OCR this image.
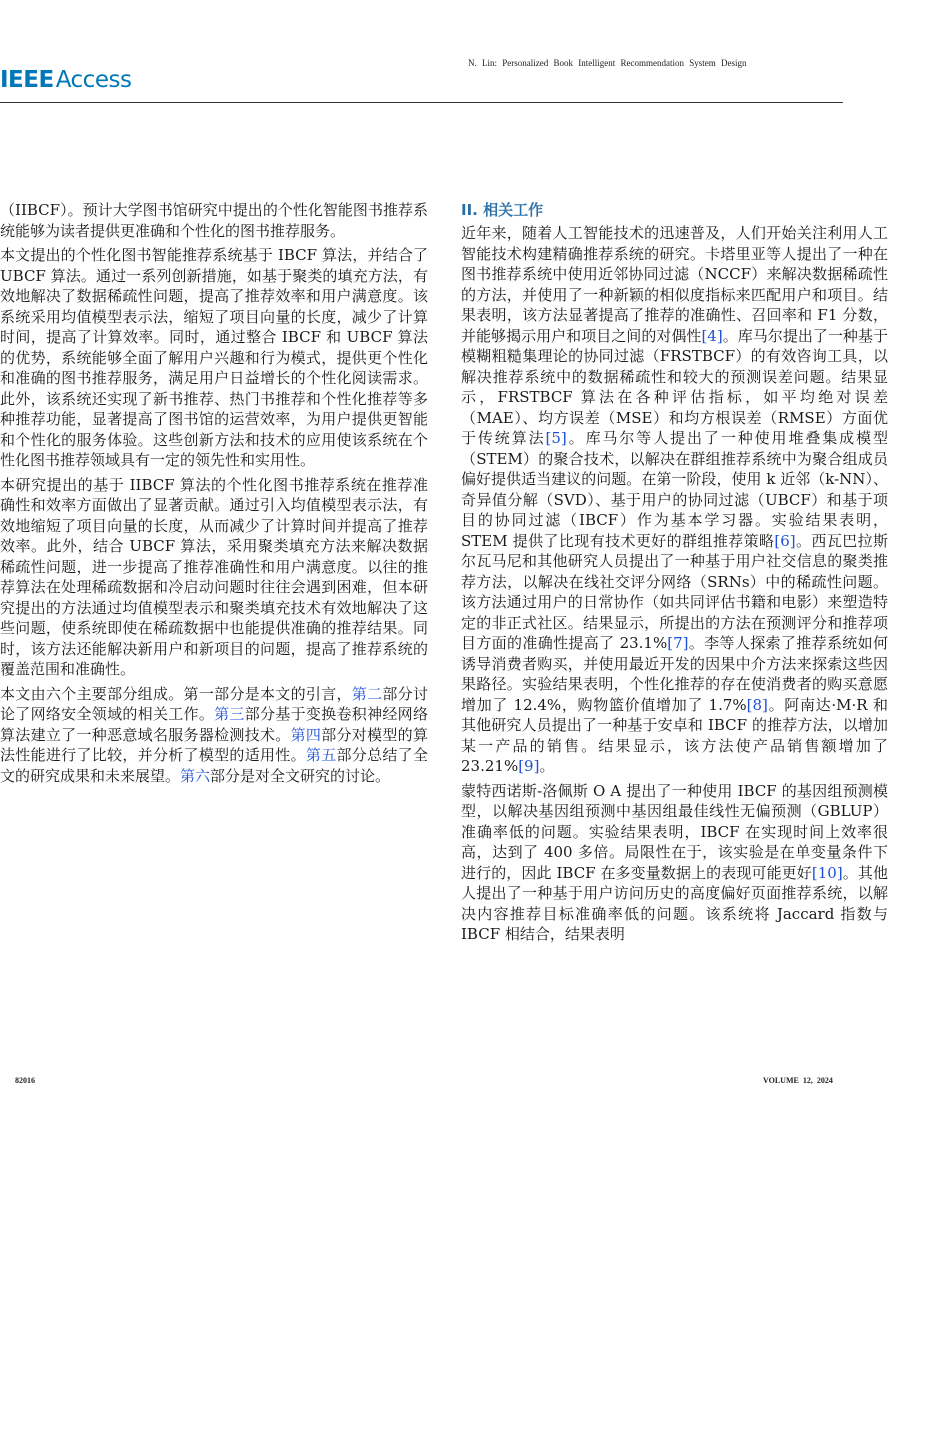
IEEEAccess
N. Lin: Personalized Book Intelligent Recommendation System Design

（IIBCF）。预计大学图书馆研究中提出的个性化智能图书推荐系统能够为读者提供更准确和个性化的图书推荐服务。

本文提出的个性化图书智能推荐系统基于 IBCF 算法，并结合了 UBCF 算法。通过一系列创新措施，如基于聚类的填充方法，有效地解决了数据稀疏性问题，提高了推荐效率和用户满意度。该系统采用均值模型表示法，缩短了项目向量的长度，减少了计算时间，提高了计算效率。同时，通过整合 IBCF 和 UBCF 算法的优势，系统能够全面了解用户兴趣和行为模式，提供更个性化和准确的图书推荐服务，满足用户日益增长的个性化阅读需求。此外，该系统还实现了新书推荐、热门书推荐和个性化推荐等多种推荐功能，显著提高了图书馆的运营效率，为用户提供更智能和个性化的服务体验。这些创新方法和技术的应用使该系统在个性化图书推荐领域具有一定的领先性和实用性。

本研究提出的基于 IIBCF 算法的个性化图书推荐系统在推荐准确性和效率方面做出了显著贡献。通过引入均值模型表示法，有效地缩短了项目向量的长度，从而减少了计算时间并提高了推荐效率。此外，结合 UBCF 算法，采用聚类填充方法来解决数据稀疏性问题，进一步提高了推荐准确性和用户满意度。以往的推荐算法在处理稀疏数据和冷启动问题时往往会遇到困难，但本研究提出的方法通过均值模型表示和聚类填充技术有效地解决了这些问题，使系统即使在稀疏数据中也能提供准确的推荐结果。同时，该方法还能解决新用户和新项目的问题，提高了推荐系统的覆盖范围和准确性。

本文由六个主要部分组成。第一部分是本文的引言，第二部分讨论了网络安全领域的相关工作。第三部分基于变换卷积神经网络算法建立了一种恶意域名服务器检测技术。第四部分对模型的算法性能进行了比较，并分析了模型的适用性。第五部分总结了全文的研究成果和未来展望。第六部分是对全文研究的讨论。

II. 相关工作

近年来，随着人工智能技术的迅速普及，人们开始关注利用人工智能技术构建精确推荐系统的研究。卡塔里亚等人提出了一种在图书推荐系统中使用近邻协同过滤（NCCF）来解决数据稀疏性的方法，并使用了一种新颖的相似度指标来匹配用户和项目。结果表明，该方法显著提高了推荐的准确性、召回率和 F1 分数，并能够揭示用户和项目之间的对偶性[4]。库马尔提出了一种基于模糊粗糙集理论的协同过滤（FRSTBCF）的有效咨询工具，以解决推荐系统中的数据稀疏性和较大的预测误差问题。结果显示，FRSTBCF 算法在各种评估指标，如平均绝对误差（MAE）、均方误差（MSE）和均方根误差（RMSE）方面优于传统算法[5]。库马尔等人提出了一种使用堆叠集成模型（STEM）的聚合技术，以解决在群组推荐系统中为聚合组成员偏好提供适当建议的问题。在第一阶段，使用 k 近邻（k-NN）、奇异值分解（SVD）、基于用户的协同过滤（UBCF）和基于项目的协同过滤（IBCF）作为基本学习器。实验结果表明，STEM 提供了比现有技术更好的群组推荐策略[6]。西瓦巴拉斯尔瓦马尼和其他研究人员提出了一种基于用户社交信息的聚类推荐方法，以解决在线社交评分网络（SRNs）中的稀疏性问题。该方法通过用户的日常协作（如共同评估书籍和电影）来塑造特定的非正式社区。结果显示，所提出的方法在预测评分和推荐项目方面的准确性提高了 23.1%[7]。李等人探索了推荐系统如何诱导消费者购买，并使用最近开发的因果中介方法来探索这些因果路径。实验结果表明，个性化推荐的存在使消费者的购买意愿增加了 12.4%，购物篮价值增加了 1.7%[8]。阿南达·M·R 和其他研究人员提出了一种基于安卓和 IBCF 的推荐方法，以增加某一产品的销售。结果显示，该方法使产品销售额增加了 23.21%[9]。

蒙特西诺斯-洛佩斯 O A 提出了一种使用 IBCF 的基因组预测模型，以解决基因组预测中基因组最佳线性无偏预测（GBLUP）准确率低的问题。实验结果表明，IBCF 在实现时间上效率很高，达到了 400 多倍。局限性在于，该实验是在单变量条件下进行的，因此 IBCF 在多变量数据上的表现可能更好[10]。其他人提出了一种基于用户访问历史的高度偏好页面推荐系统，以解决内容推荐目标准确率低的问题。该系统将 Jaccard 指数与 IBCF 相结合，结果表明

82016	VOLUME 12, 2024
